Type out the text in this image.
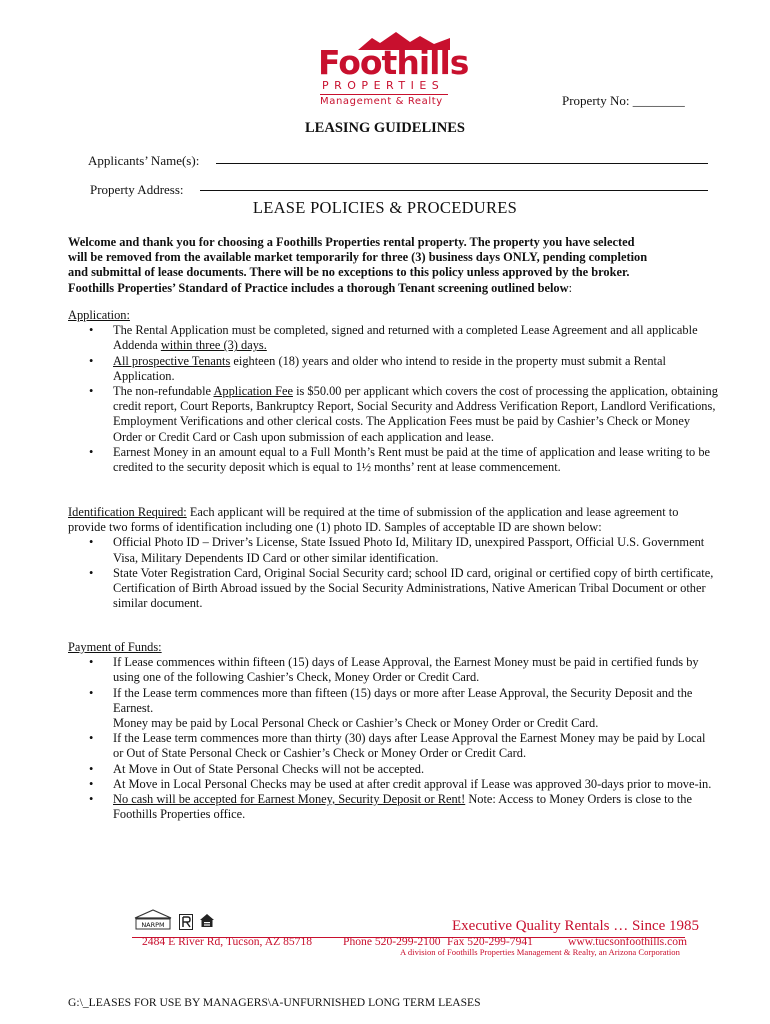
Foothills
PROPERTIES
Management & Realty	Property No: ________
LEASING GUIDELINES
Applicants’ Name(s):
Property Address:
LEASE POLICIES & PROCEDURES
Welcome and thank you for choosing a Foothills Properties rental property. The property you have selected
will be removed from the available market temporarily for three (3) business days ONLY, pending completion
and submittal of lease documents. There will be no exceptions to this policy unless approved by the broker.
Foothills Properties’ Standard of Practice includes a thorough Tenant screening outlined below:
Application:
• The Rental Application must be completed, signed and returned with a completed Lease Agreement and all applicable Addenda within three (3) days.
• All prospective Tenants eighteen (18) years and older who intend to reside in the property must submit a Rental Application.
• The non-refundable Application Fee is $50.00 per applicant which covers the cost of processing the application, obtaining credit report, Court Reports, Bankruptcy Report, Social Security and Address Verification Report, Landlord Verifications, Employment Verifications and other clerical costs. The Application Fees must be paid by Cashier’s Check or Money Order or Credit Card or Cash upon submission of each application and lease.
• Earnest Money in an amount equal to a Full Month’s Rent must be paid at the time of application and lease writing to be credited to the security deposit which is equal to 1½ months’ rent at lease commencement.
Identification Required: Each applicant will be required at the time of submission of the application and lease agreement to provide two forms of identification including one (1) photo ID. Samples of acceptable ID are shown below:
• Official Photo ID – Driver’s License, State Issued Photo Id, Military ID, unexpired Passport, Official U.S. Government Visa, Military Dependents ID Card or other similar identification.
• State Voter Registration Card, Original Social Security card; school ID card, original or certified copy of birth certificate, Certification of Birth Abroad issued by the Social Security Administrations, Native American Tribal Document or other similar document.
Payment of Funds:
• If Lease commences within fifteen (15) days of Lease Approval, the Earnest Money must be paid in certified funds by using one of the following Cashier’s Check, Money Order or Credit Card.
• If the Lease term commences more than fifteen (15) days or more after Lease Approval, the Security Deposit and the Earnest.
Money may be paid by Local Personal Check or Cashier’s Check or Money Order or Credit Card.
• If the Lease term commences more than thirty (30) days after Lease Approval the Earnest Money may be paid by Local or Out of State Personal Check or Cashier’s Check or Money Order or Credit Card.
• At Move in Out of State Personal Checks will not be accepted.
• At Move in Local Personal Checks may be used at after credit approval if Lease was approved 30-days prior to move-in.
• No cash will be accepted for Earnest Money, Security Deposit or Rent! Note: Access to Money Orders is close to the Foothills Properties office.
NARPM	Executive Quality Rentals … Since 1985
2484 E River Rd, Tucson, AZ 85718	Phone 520-299-2100 Fax 520-299-7941	www.tucsonfoothills.com
A division of Foothills Properties Management & Realty, an Arizona Corporation
G:\_LEASES FOR USE BY MANAGERS\A-UNFURNISHED LONG TERM LEASES
